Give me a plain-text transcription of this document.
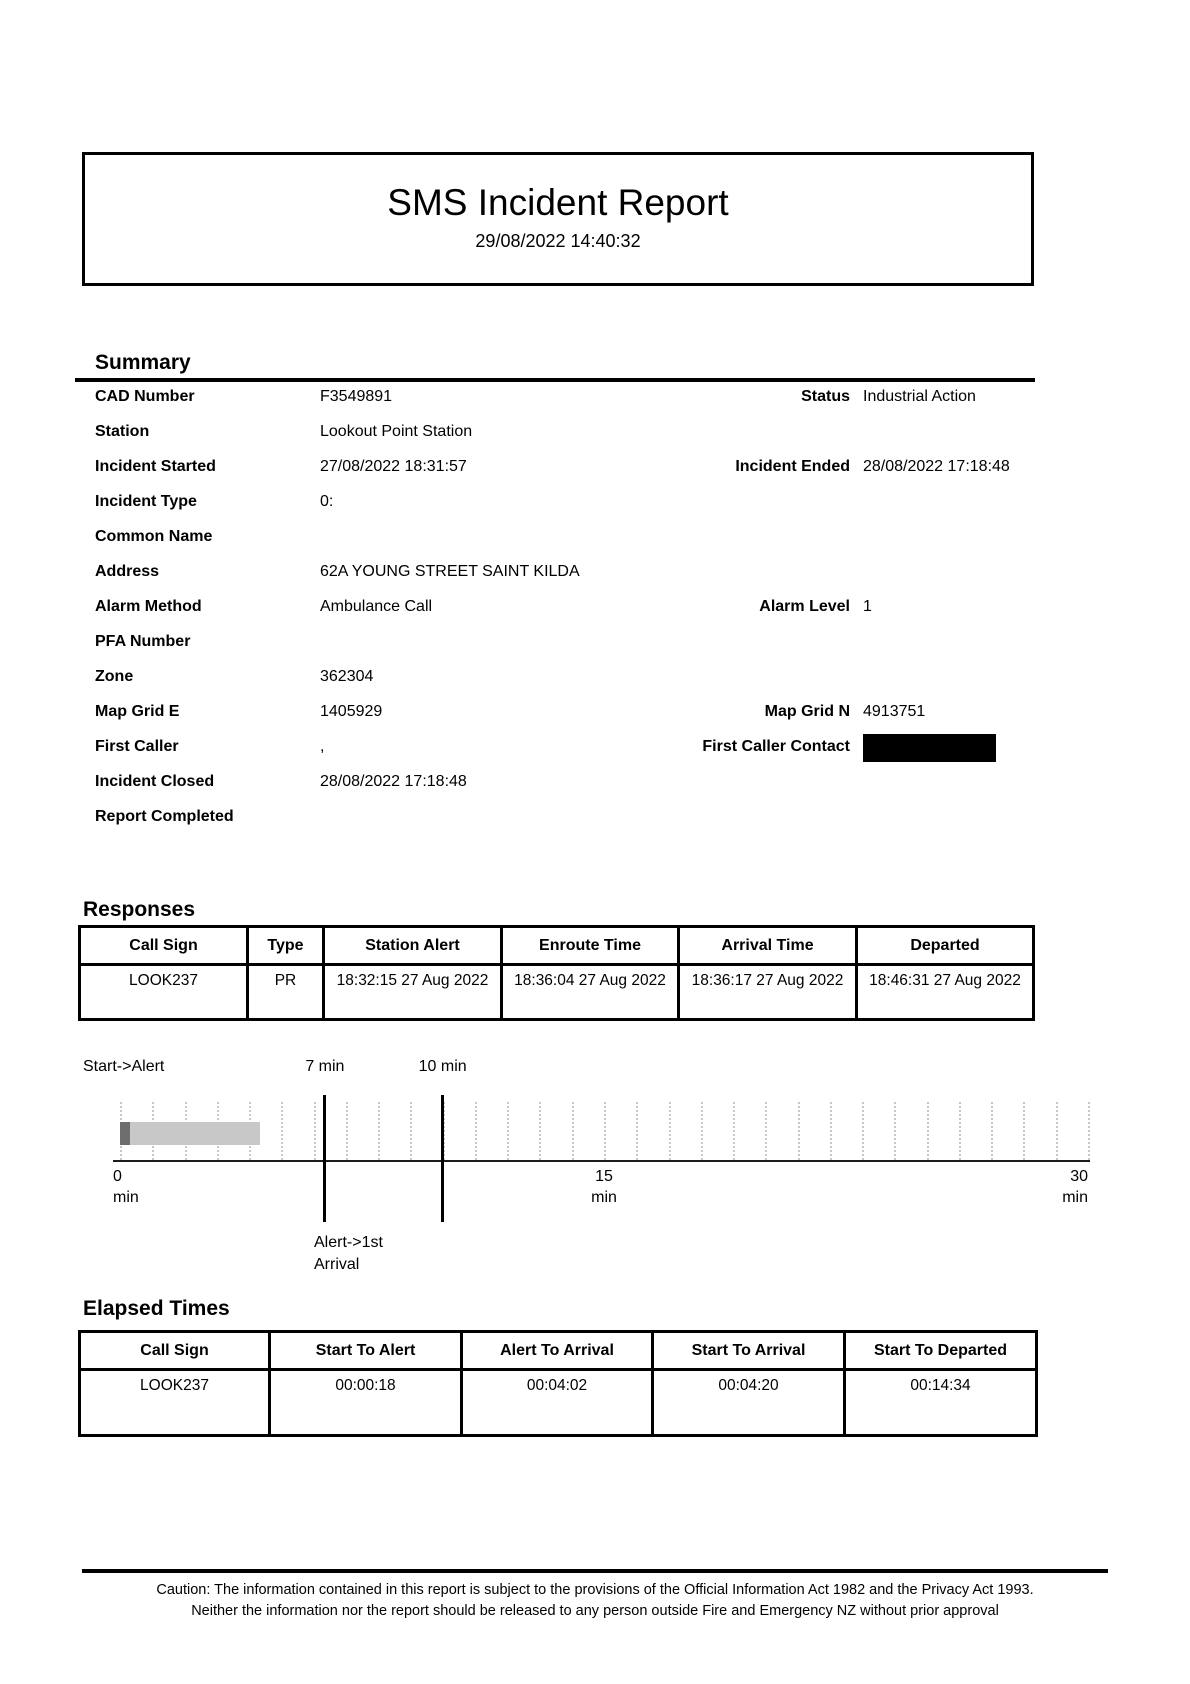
SMS Incident Report
29/08/2022 14:40:32
Summary
CAD Number	F3549891	Status Industrial Action
Station	Lookout Point Station
Incident Started	27/08/2022 18:31:57	Incident Ended 28/08/2022 17:18:48
Incident Type	0:
Common Name
Address	62A YOUNG STREET SAINT KILDA
Alarm Method	Ambulance Call	Alarm Level 1
PFA Number
Zone	362304
Map Grid E	1405929	Map Grid N 4913751
First Caller	,	First Caller Contact
Incident Closed	28/08/2022 17:18:48
Report Completed
Responses
Call Sign	Type	Station Alert	Enroute Time	Arrival Time	Departed
LOOK237	PR	18:32:15 27 Aug 2022	18:36:04 27 Aug 2022	18:36:17 27 Aug 2022	18:46:31 27 Aug 2022
Start->Alert	7 min	10 min
0
min
15
min
30
min
Alert->1st
Arrival
Elapsed Times
Call Sign	Start To Alert	Alert To Arrival	Start To Arrival	Start To Departed
LOOK237	00:00:18	00:04:02	00:04:20	00:14:34
Caution: The information contained in this report is subject to the provisions of the Official Information Act 1982 and the Privacy Act 1993.
Neither the information nor the report should be released to any person outside Fire and Emergency NZ without prior approval
